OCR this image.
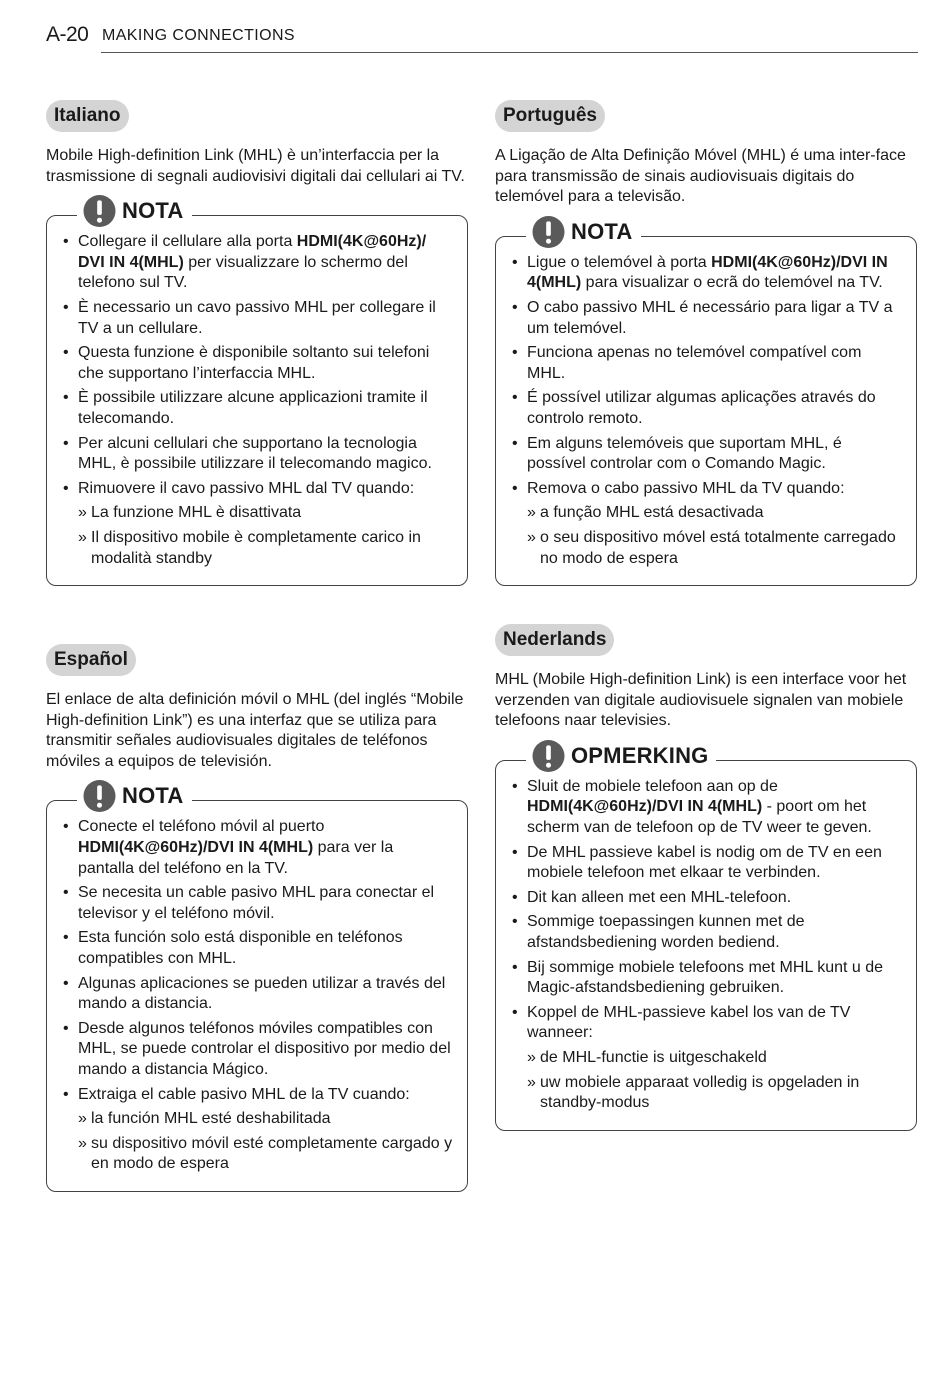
A-20 MAKING CONNECTIONS
Italiano

Mobile High-definition Link (MHL) è un’interfaccia per la trasmissione di segnali audiovisivi digitali dai cellulari ai TV.

NOTA
• Collegare il cellulare alla porta HDMI(4K@60Hz)/ DVI IN 4(MHL) per visualizzare lo schermo del telefono sul TV.
• È necessario un cavo passivo MHL per collegare il TV a un cellulare.
• Questa funzione è disponibile soltanto sui telefoni che supportano l’interfaccia MHL.
• È possibile utilizzare alcune applicazioni tramite il telecomando.
• Per alcuni cellulari che supportano la tecnologia MHL, è possibile utilizzare il telecomando magico.
• Rimuovere il cavo passivo MHL dal TV quando:
» La funzione MHL è disattivata
» Il dispositivo mobile è completamente carico in modalità standby
Español

El enlace de alta definición móvil o MHL (del inglés “Mobile High-definition Link”) es una interfaz que se utiliza para transmitir señales audiovisuales digitales de teléfonos móviles a equipos de televisión.

NOTA
• Conecte el teléfono móvil al puerto HDMI(4K@60Hz)/DVI IN 4(MHL) para ver la pantalla del teléfono en la TV.
• Se necesita un cable pasivo MHL para conectar el televisor y el teléfono móvil.
• Esta función solo está disponible en teléfonos compatibles con MHL.
• Algunas aplicaciones se pueden utilizar a través del mando a distancia.
• Desde algunos teléfonos móviles compatibles con MHL, se puede controlar el dispositivo por medio del mando a distancia Mágico.
• Extraiga el cable pasivo MHL de la TV cuando:
» la función MHL esté deshabilitada
» su dispositivo móvil esté completamente cargado y en modo de espera
Português

A Ligação de Alta Definição Móvel (MHL) é uma inter-face para transmissão de sinais audiovisuais digitais do telemóvel para a televisão.

NOTA
• Ligue o telemóvel à porta HDMI(4K@60Hz)/DVI IN 4(MHL) para visualizar o ecrã do telemóvel na TV.
• O cabo passivo MHL é necessário para ligar a TV a um telemóvel.
• Funciona apenas no telemóvel compatível com MHL.
• É possível utilizar algumas aplicações através do controlo remoto.
• Em alguns telemóveis que suportam MHL, é possível controlar com o Comando Magic.
• Remova o cabo passivo MHL da TV quando:
» a função MHL está desactivada
» o seu dispositivo móvel está totalmente carregado no modo de espera
Nederlands

MHL (Mobile High-definition Link) is een interface voor het verzenden van digitale audiovisuele signalen van mobiele telefoons naar televisies.

OPMERKING
• Sluit de mobiele telefoon aan op de HDMI(4K@60Hz)/DVI IN 4(MHL) - poort om het scherm van de telefoon op de TV weer te geven.
• De MHL passieve kabel is nodig om de TV en een mobiele telefoon met elkaar te verbinden.
• Dit kan alleen met een MHL-telefoon.
• Sommige toepassingen kunnen met de afstandsbediening worden bediend.
• Bij sommige mobiele telefoons met MHL kunt u de Magic-afstandsbediening gebruiken.
• Koppel de MHL-passieve kabel los van de TV wanneer:
» de MHL-functie is uitgeschakeld
» uw mobiele apparaat volledig is opgeladen in standby-modus
